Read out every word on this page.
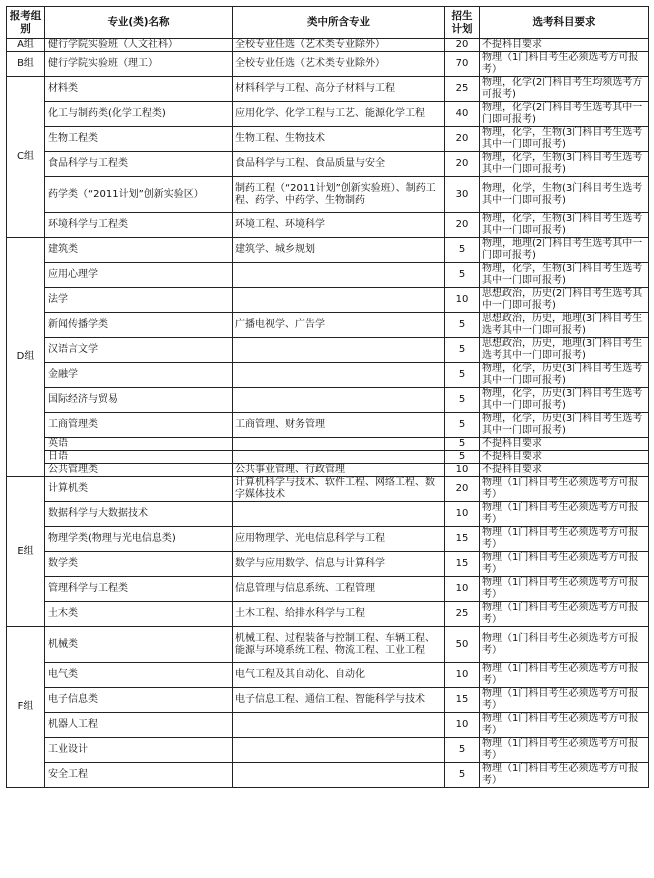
报考组别	专业(类)名称	类中所含专业	招生计划	选考科目要求
A组	健行学院实验班（人文社科）	全校专业任选（艺术类专业除外）	20	不提科目要求
B组	健行学院实验班（理工）	全校专业任选（艺术类专业除外）	70	物理（1门科目考生必须选考方可报考）
C组	材料类	材料科学与工程、高分子材料与工程	25	物理，化学(2门科目考生均须选考方可报考)
	化工与制药类(化学工程类)	应用化学、化学工程与工艺、能源化学工程	40	物理，化学(2门科目考生选考其中一门即可报考)
	生物工程类	生物工程、生物技术	20	物理，化学，生物(3门科目考生选考其中一门即可报考)
	食品科学与工程类	食品科学与工程、食品质量与安全	20	物理，化学，生物(3门科目考生选考其中一门即可报考)
	药学类（“2011计划”创新实验区）	制药工程（“2011计划”创新实验班）、制药工程、药学、中药学、生物制药	30	物理，化学，生物(3门科目考生选考其中一门即可报考)
	环境科学与工程类	环境工程、环境科学	20	物理，化学，生物(3门科目考生选考其中一门即可报考)
D组	建筑类	建筑学、城乡规划	5	物理，地理(2门科目考生选考其中一门即可报考)
	应用心理学		5	物理，化学，生物(3门科目考生选考其中一门即可报考)
	法学		10	思想政治，历史(2门科目考生选考其中一门即可报考)
	新闻传播学类	广播电视学、广告学	5	思想政治，历史，地理(3门科目考生选考其中一门即可报考)
	汉语言文学		5	思想政治，历史，地理(3门科目考生选考其中一门即可报考)
	金融学		5	物理，化学，历史(3门科目考生选考其中一门即可报考)
	国际经济与贸易		5	物理，化学，历史(3门科目考生选考其中一门即可报考)
	工商管理类	工商管理、财务管理	5	物理，化学，历史(3门科目考生选考其中一门即可报考)
	英语		5	不提科目要求
	日语		5	不提科目要求
	公共管理类	公共事业管理、行政管理	10	不提科目要求
E组	计算机类	计算机科学与技术、软件工程、网络工程、数字媒体技术	20	物理（1门科目考生必须选考方可报考）
	数据科学与大数据技术		10	物理（1门科目考生必须选考方可报考）
	物理学类(物理与光电信息类)	应用物理学、光电信息科学与工程	15	物理（1门科目考生必须选考方可报考）
	数学类	数学与应用数学、信息与计算科学	15	物理（1门科目考生必须选考方可报考）
	管理科学与工程类	信息管理与信息系统、工程管理	10	物理（1门科目考生必须选考方可报考）
	土木类	土木工程、给排水科学与工程	25	物理（1门科目考生必须选考方可报考）
F组	机械类	机械工程、过程装备与控制工程、车辆工程、能源与环境系统工程、物流工程、工业工程	50	物理（1门科目考生必须选考方可报考）
	电气类	电气工程及其自动化、自动化	10	物理（1门科目考生必须选考方可报考）
	电子信息类	电子信息工程、通信工程、智能科学与技术	15	物理（1门科目考生必须选考方可报考）
	机器人工程		10	物理（1门科目考生必须选考方可报考）
	工业设计		5	物理（1门科目考生必须选考方可报考）
	安全工程		5	物理（1门科目考生必须选考方可报考）
